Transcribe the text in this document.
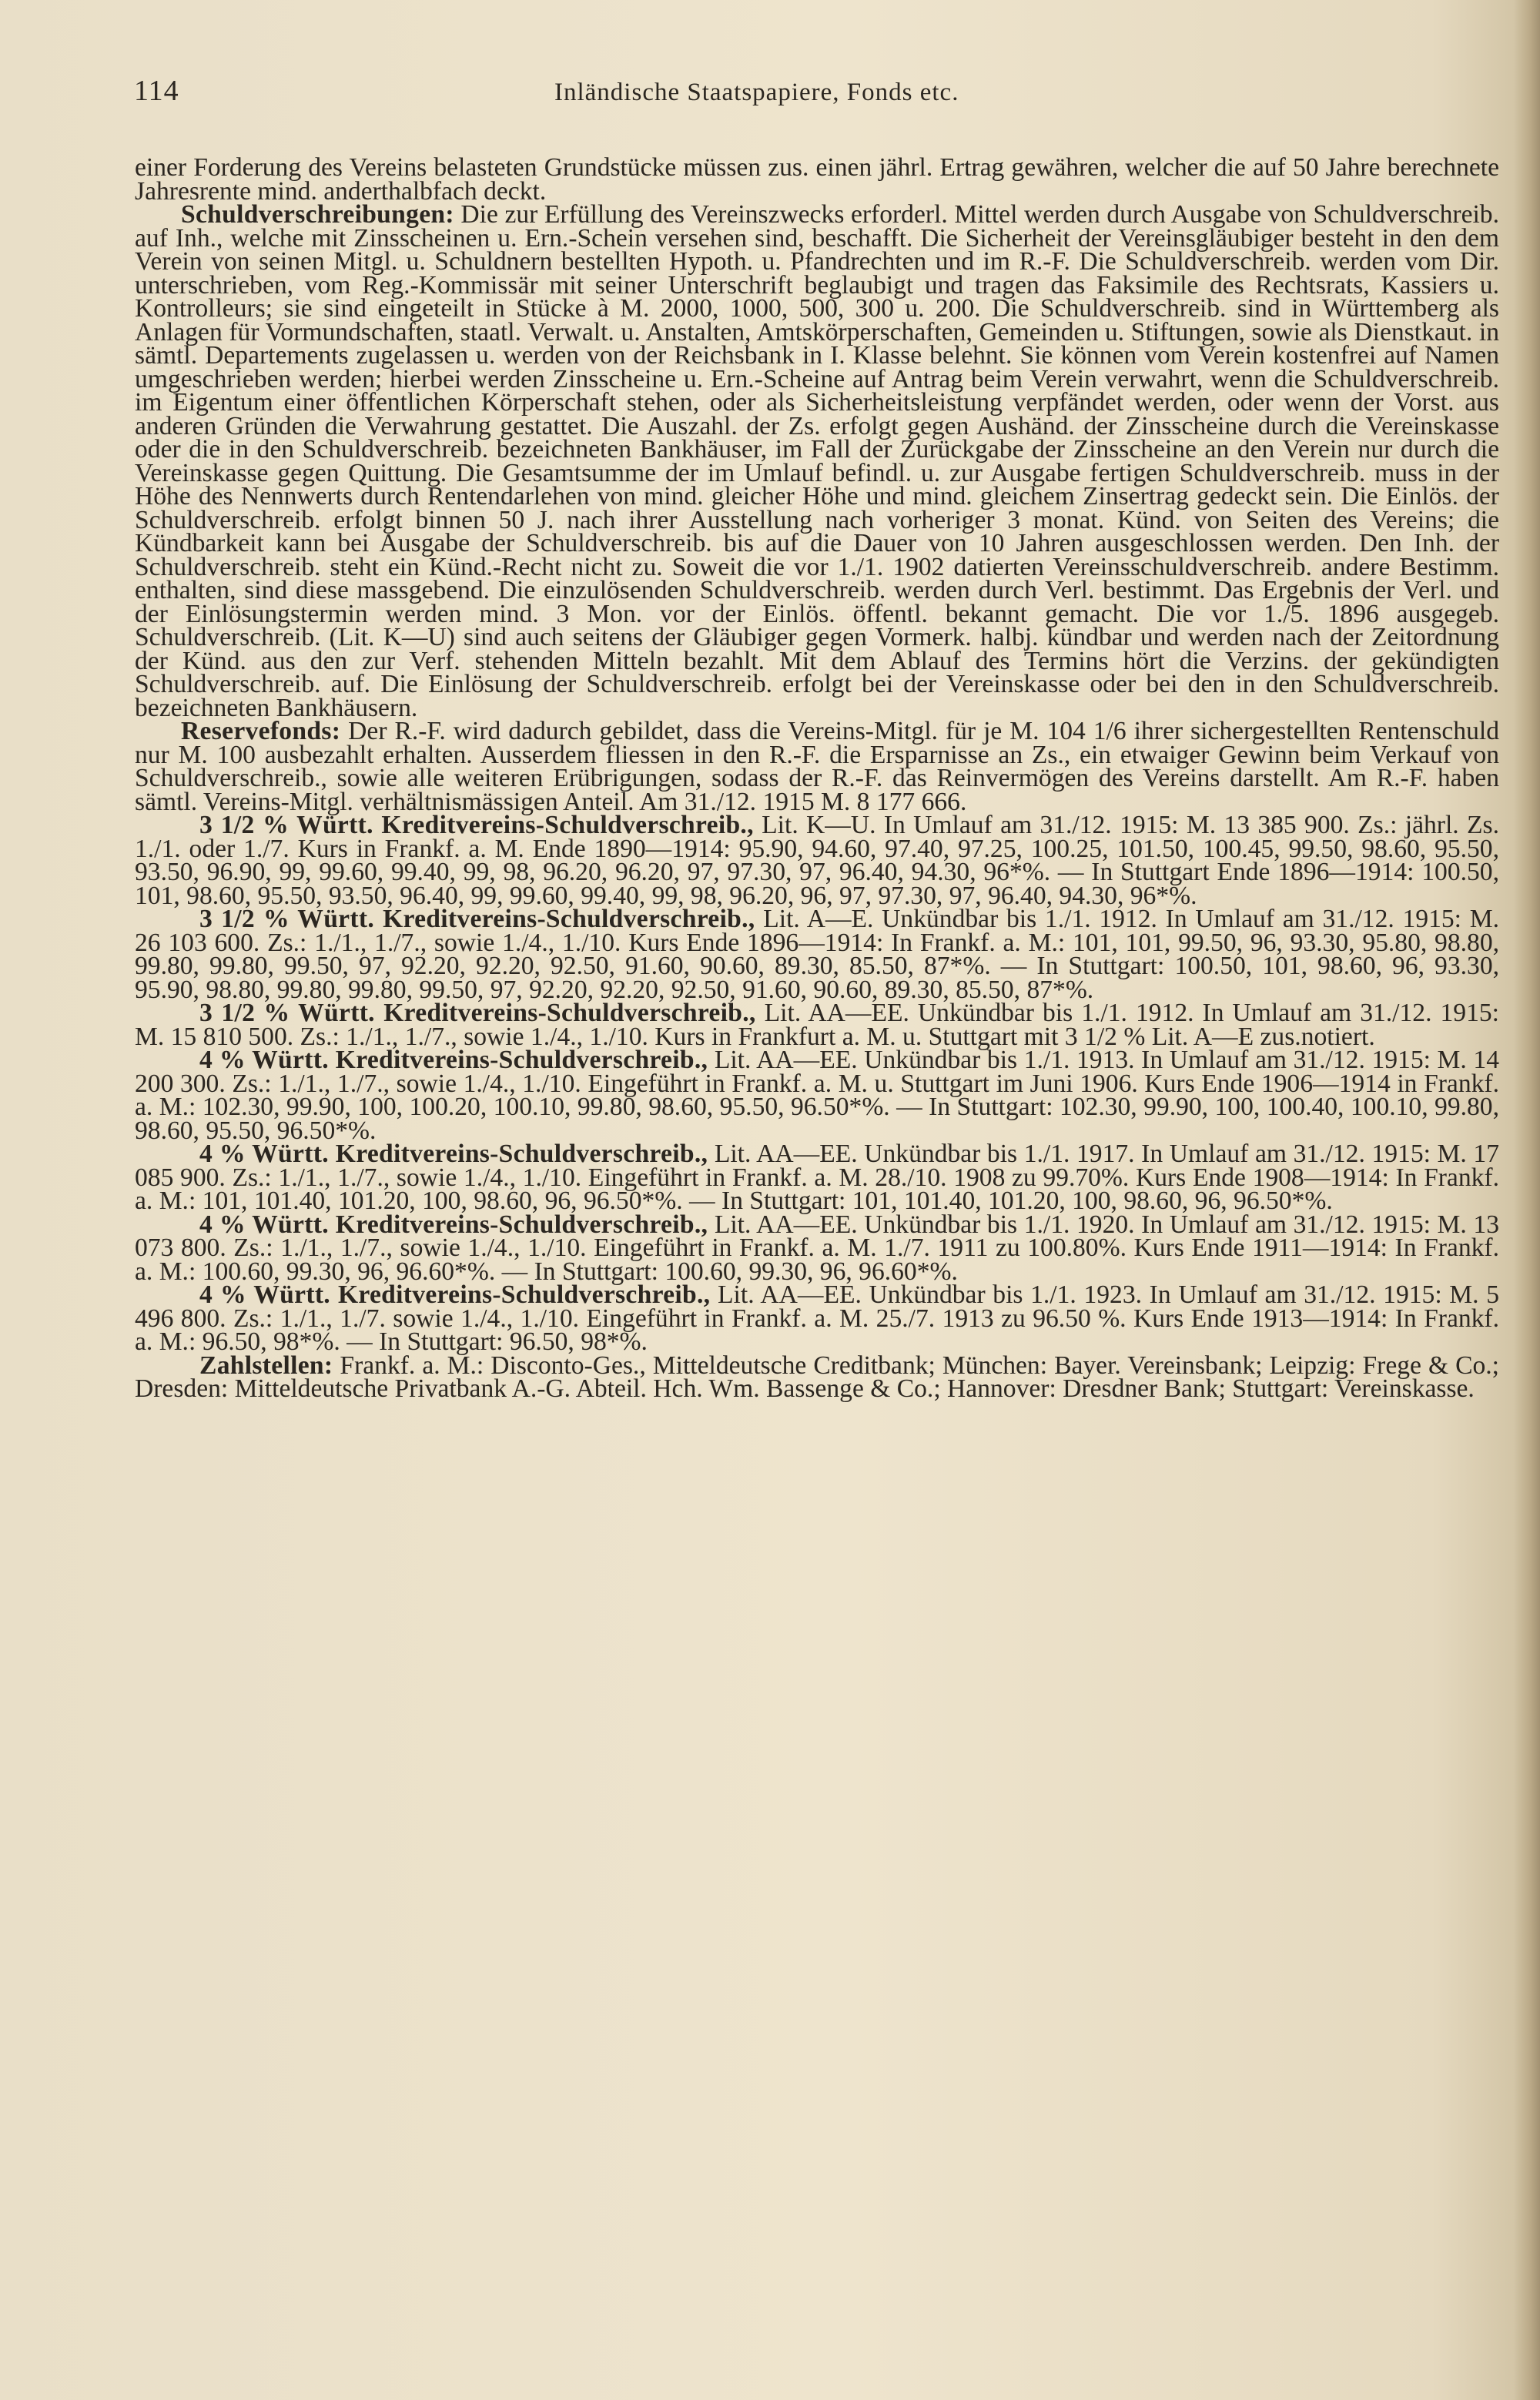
114	Inländische Staatspapiere, Fonds etc.

einer Forderung des Vereins belasteten Grundstücke müssen zus. einen jährl. Ertrag gewähren, welcher die auf 50 Jahre berechnete Jahresrente mind. anderthalbfach deckt.

Schuldverschreibungen: Die zur Erfüllung des Vereinszwecks erforderl. Mittel werden durch Ausgabe von Schuldverschreib. auf Inh., welche mit Zinsscheinen u. Ern.-Schein versehen sind, beschafft. Die Sicherheit der Vereinsgläubiger besteht in den dem Verein von seinen Mitgl. u. Schuldnern bestellten Hypoth. u. Pfandrechten und im R.-F. Die Schuldverschreib. werden vom Dir. unterschrieben, vom Reg.-Kommissär mit seiner Unterschrift beglaubigt und tragen das Faksimile des Rechtsrats, Kassiers u. Kontrolleurs; sie sind eingeteilt in Stücke à M. 2000, 1000, 500, 300 u. 200. Die Schuldverschreib. sind in Württemberg als Anlagen für Vormundschaften, staatl. Verwalt. u. Anstalten, Amtskörperschaften, Gemeinden u. Stiftungen, sowie als Dienstkaut. in sämtl. Departements zugelassen u. werden von der Reichsbank in I. Klasse belehnt. Sie können vom Verein kostenfrei auf Namen umgeschrieben werden; hierbei werden Zinsscheine u. Ern.-Scheine auf Antrag beim Verein verwahrt, wenn die Schuldverschreib. im Eigentum einer öffentlichen Körperschaft stehen, oder als Sicherheitsleistung verpfändet werden, oder wenn der Vorst. aus anderen Gründen die Verwahrung gestattet. Die Auszahl. der Zs. erfolgt gegen Aushänd. der Zinsscheine durch die Vereinskasse oder die in den Schuldverschreib. bezeichneten Bankhäuser, im Fall der Zurückgabe der Zinsscheine an den Verein nur durch die Vereinskasse gegen Quittung. Die Gesamtsumme der im Umlauf befindl. u. zur Ausgabe fertigen Schuldverschreib. muss in der Höhe des Nennwerts durch Rentendarlehen von mind. gleicher Höhe und mind. gleichem Zinsertrag gedeckt sein. Die Einlös. der Schuldverschreib. erfolgt binnen 50 J. nach ihrer Ausstellung nach vorheriger 3 monat. Künd. von Seiten des Vereins; die Kündbarkeit kann bei Ausgabe der Schuldverschreib. bis auf die Dauer von 10 Jahren ausgeschlossen werden. Den Inh. der Schuldverschreib. steht ein Künd.-Recht nicht zu. Soweit die vor 1./1. 1902 datierten Vereinsschuldverschreib. andere Bestimm. enthalten, sind diese massgebend. Die einzulösenden Schuldverschreib. werden durch Verl. bestimmt. Das Ergebnis der Verl. und der Einlösungstermin werden mind. 3 Mon. vor der Einlös. öffentl. bekannt gemacht. Die vor 1./5. 1896 ausgegeb. Schuldverschreib. (Lit. K—U) sind auch seitens der Gläubiger gegen Vormerk. halbj. kündbar und werden nach der Zeitordnung der Künd. aus den zur Verf. stehenden Mitteln bezahlt. Mit dem Ablauf des Termins hört die Verzins. der gekündigten Schuldverschreib. auf. Die Einlösung der Schuldverschreib. erfolgt bei der Vereinskasse oder bei den in den Schuldverschreib. bezeichneten Bankhäusern.

Reservefonds: Der R.-F. wird dadurch gebildet, dass die Vereins-Mitgl. für je M. 104 1/6 ihrer sichergestellten Rentenschuld nur M. 100 ausbezahlt erhalten. Ausserdem fliessen in den R.-F. die Ersparnisse an Zs., ein etwaiger Gewinn beim Verkauf von Schuldverschreib., sowie alle weiteren Erübrigungen, sodass der R.-F. das Reinvermögen des Vereins darstellt. Am R.-F. haben sämtl. Vereins-Mitgl. verhältnismässigen Anteil. Am 31./12. 1915 M. 8 177 666.

3 1/2 % Württ. Kreditvereins-Schuldverschreib., Lit. K—U. In Umlauf am 31./12. 1915: M. 13 385 900. Zs.: jährl. Zs. 1./1. oder 1./7. Kurs in Frankf. a. M. Ende 1890—1914: 95.90, 94.60, 97.40, 97.25, 100.25, 101.50, 100.45, 99.50, 98.60, 95.50, 93.50, 96.90, 99, 99.60, 99.40, 99, 98, 96.20, 96.20, 97, 97.30, 97, 96.40, 94.30, 96*%. — In Stuttgart Ende 1896—1914: 100.50, 101, 98.60, 95.50, 93.50, 96.40, 99, 99.60, 99.40, 99, 98, 96.20, 96, 97, 97.30, 97, 96.40, 94.30, 96*%.

3 1/2 % Württ. Kreditvereins-Schuldverschreib., Lit. A—E. Unkündbar bis 1./1. 1912. In Umlauf am 31./12. 1915: M. 26 103 600. Zs.: 1./1., 1./7., sowie 1./4., 1./10. Kurs Ende 1896—1914: In Frankf. a. M.: 101, 101, 99.50, 96, 93.30, 95.80, 98.80, 99.80, 99.80, 99.50, 97, 92.20, 92.20, 92.50, 91.60, 90.60, 89.30, 85.50, 87*%. — In Stuttgart: 100.50, 101, 98.60, 96, 93.30, 95.90, 98.80, 99.80, 99.80, 99.50, 97, 92.20, 92.20, 92.50, 91.60, 90.60, 89.30, 85.50, 87*%.

3 1/2 % Württ. Kreditvereins-Schuldverschreib., Lit. AA—EE. Unkündbar bis 1./1. 1912. In Umlauf am 31./12. 1915: M. 15 810 500. Zs.: 1./1., 1./7., sowie 1./4., 1./10. Kurs in Frankfurt a. M. u. Stuttgart mit 3 1/2 % Lit. A—E zus.notiert.

4 % Württ. Kreditvereins-Schuldverschreib., Lit. AA—EE. Unkündbar bis 1./1. 1913. In Umlauf am 31./12. 1915: M. 14 200 300. Zs.: 1./1., 1./7., sowie 1./4., 1./10. Eingeführt in Frankf. a. M. u. Stuttgart im Juni 1906. Kurs Ende 1906—1914 in Frankf. a. M.: 102.30, 99.90, 100, 100.20, 100.10, 99.80, 98.60, 95.50, 96.50*%. — In Stuttgart: 102.30, 99.90, 100, 100.40, 100.10, 99.80, 98.60, 95.50, 96.50*%.

4 % Württ. Kreditvereins-Schuldverschreib., Lit. AA—EE. Unkündbar bis 1./1. 1917. In Umlauf am 31./12. 1915: M. 17 085 900. Zs.: 1./1., 1./7., sowie 1./4., 1./10. Eingeführt in Frankf. a. M. 28./10. 1908 zu 99.70%. Kurs Ende 1908—1914: In Frankf. a. M.: 101, 101.40, 101.20, 100, 98.60, 96, 96.50*%. — In Stuttgart: 101, 101.40, 101.20, 100, 98.60, 96, 96.50*%.

4 % Württ. Kreditvereins-Schuldverschreib., Lit. AA—EE. Unkündbar bis 1./1. 1920. In Umlauf am 31./12. 1915: M. 13 073 800. Zs.: 1./1., 1./7., sowie 1./4., 1./10. Eingeführt in Frankf. a. M. 1./7. 1911 zu 100.80%. Kurs Ende 1911—1914: In Frankf. a. M.: 100.60, 99.30, 96, 96.60*%. — In Stuttgart: 100.60, 99.30, 96, 96.60*%.

4 % Württ. Kreditvereins-Schuldverschreib., Lit. AA—EE. Unkündbar bis 1./1. 1923. In Umlauf am 31./12. 1915: M. 5 496 800. Zs.: 1./1., 1./7. sowie 1./4., 1./10. Eingeführt in Frankf. a. M. 25./7. 1913 zu 96.50 %. Kurs Ende 1913—1914: In Frankf. a. M.: 96.50, 98*%. — In Stuttgart: 96.50, 98*%.

Zahlstellen: Frankf. a. M.: Disconto-Ges., Mitteldeutsche Creditbank; München: Bayer. Vereinsbank; Leipzig: Frege & Co.; Dresden: Mitteldeutsche Privatbank A.-G. Abteil. Hch. Wm. Bassenge & Co.; Hannover: Dresdner Bank; Stuttgart: Vereinskasse.
